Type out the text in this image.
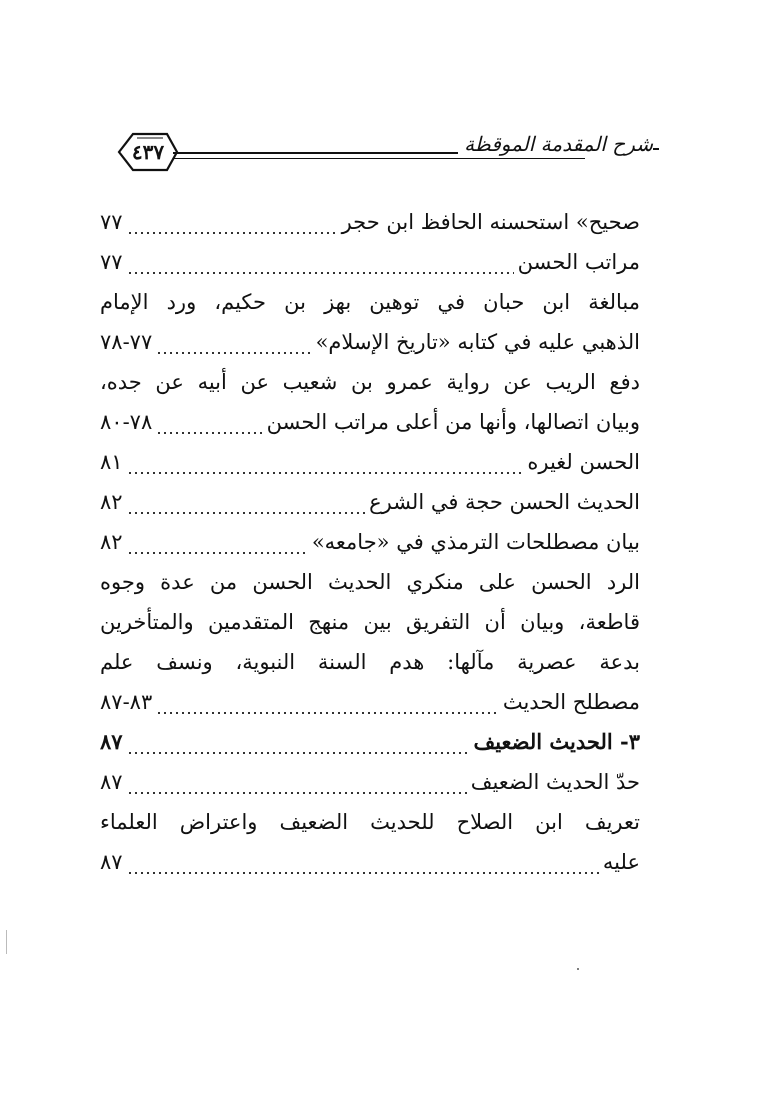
شرح المقدمة الموقظة
٤٣٧
صحيح» استحسنه الحافظ ابن حجر
٧٧
مراتب الحسن
٧٧
مبالغة ابن حبان في توهين بهز بن حكيم، ورد الإمام
الذهبي عليه في كتابه «تاريخ الإسلام»
٧٧-٧٨
دفع الريب عن رواية عمرو بن شعيب عن أبيه عن جده،
وبيان اتصالها، وأنها من أعلى مراتب الحسن
٧٨-٨٠
الحسن لغيره
٨١
الحديث الحسن حجة في الشرع
٨٢
بيان مصطلحات الترمذي في «جامعه»
٨٢
الرد الحسن على منكري الحديث الحسن من عدة وجوه
قاطعة، وبيان أن التفريق بين منهج المتقدمين والمتأخرين
بدعة عصرية مآلها: هدم السنة النبوية، ونسف علم
مصطلح الحديث
٨٣-٨٧
٣- الحديث الضعيف
٨٧
حدّ الحديث الضعيف
٨٧
تعريف ابن الصلاح للحديث الضعيف واعتراض العلماء
عليه
٨٧
